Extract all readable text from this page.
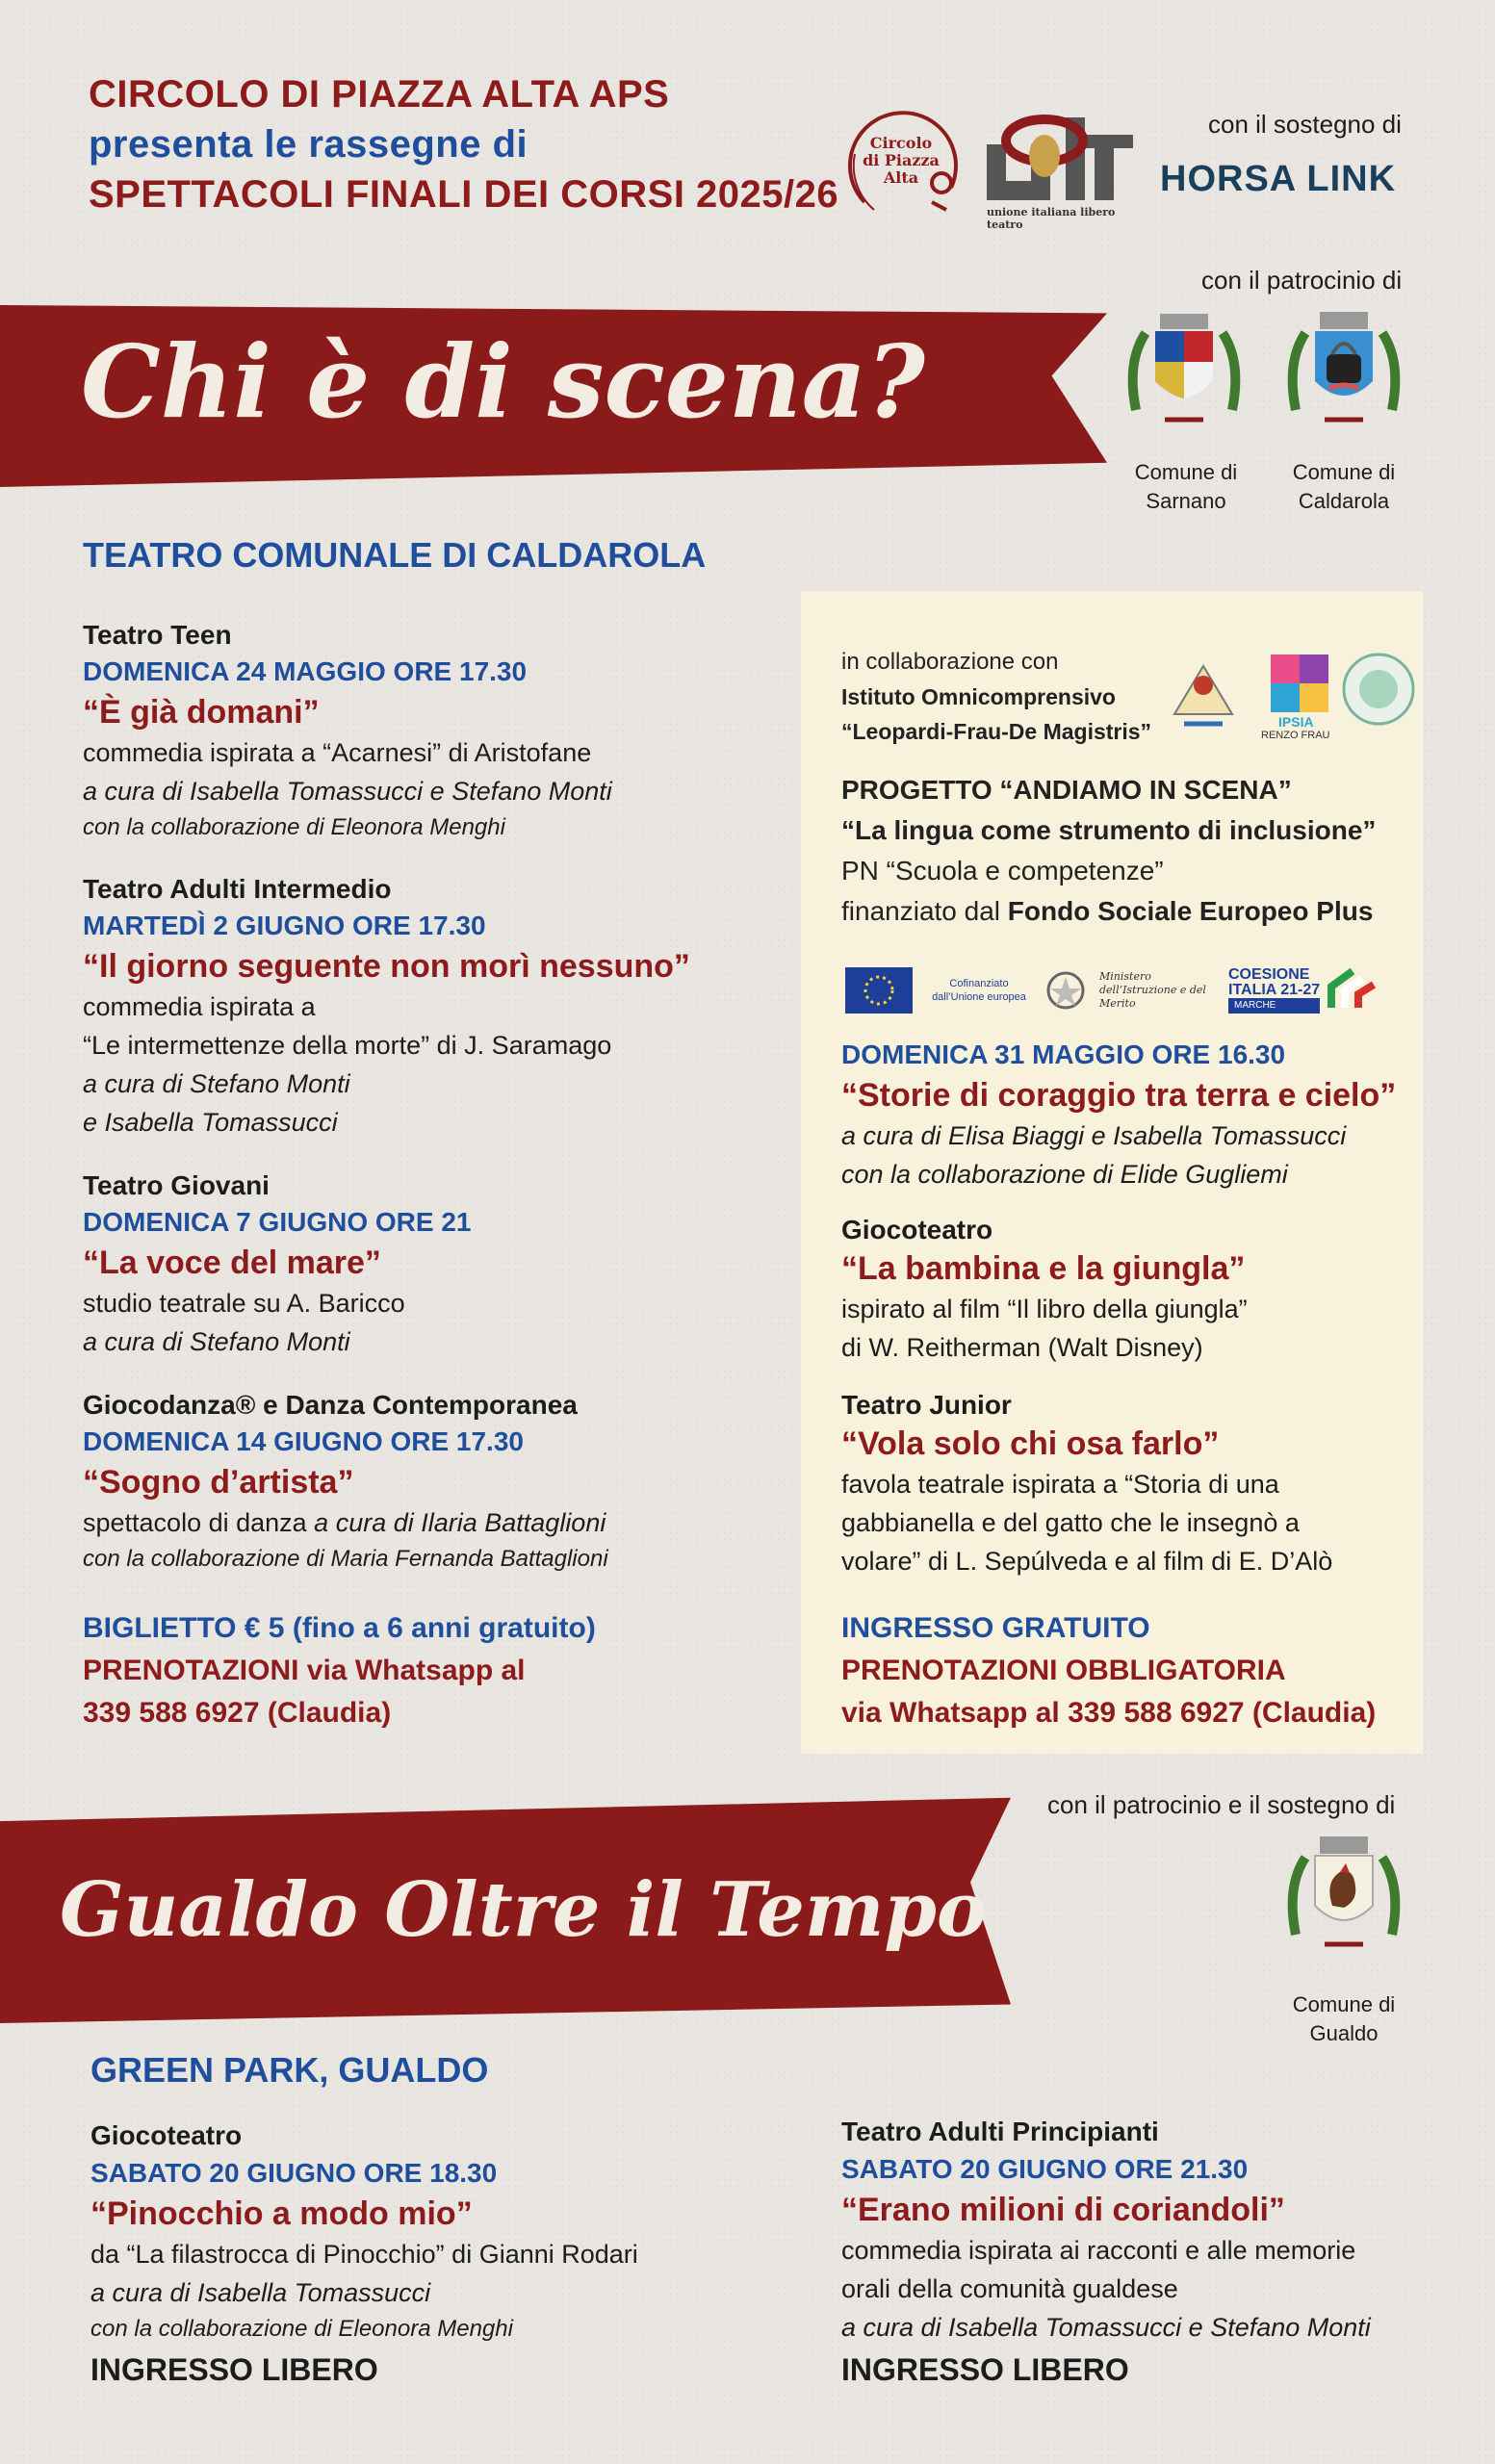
CIRCOLO DI PIAZZA ALTA APS
presenta le rassegne di
SPETTACOLI FINALI DEI CORSI 2025/26
Circolo di Piazza Alta
unione italiana libero teatro
con il sostegno di
HORSA LINK
con il patrocinio di
Comune di
Sarnano
Comune di
Caldarola
Chi è di scena?
TEATRO COMUNALE DI CALDAROLA
Teatro Teen
DOMENICA 24 MAGGIO ORE 17.30
“È già domani”
commedia ispirata a “Acarnesi” di Aristofane
a cura di Isabella Tomassucci e Stefano Monti
con la collaborazione di Eleonora Menghi
Teatro Adulti Intermedio
MARTEDÌ 2 GIUGNO ORE 17.30
“Il giorno seguente non morì nessuno”
commedia ispirata a
“Le intermettenze della morte” di J. Saramago
a cura di Stefano Monti
e Isabella Tomassucci
Teatro Giovani
DOMENICA 7 GIUGNO ORE 21
“La voce del mare”
studio teatrale su A. Baricco
a cura di Stefano Monti
Giocodanza® e Danza Contemporanea
DOMENICA 14 GIUGNO ORE 17.30
“Sogno d’artista”
spettacolo di danza a cura di Ilaria Battaglioni
con la collaborazione di Maria Fernanda Battaglioni
BIGLIETTO € 5 (fino a 6 anni gratuito)
PRENOTAZIONI via Whatsapp al
339 588 6927 (Claudia)
in collaborazione con
Istituto Omnicomprensivo
“Leopardi-Frau-De Magistris”	IPSIA
RENZO FRAU
PROGETTO “ANDIAMO IN SCENA”
“La lingua come strumento di inclusione”
PN “Scuola e competenze”
finanziato dal Fondo Sociale Europeo Plus
Cofinanziato dall’Unione europea
Ministero dell’Istruzione e del Merito
COESIONE
ITALIA 21-27
MARCHE
DOMENICA 31 MAGGIO ORE 16.30
“Storie di coraggio tra terra e cielo”
a cura di Elisa Biaggi e Isabella Tomassucci
con la collaborazione di Elide Gugliemi
Giocoteatro
“La bambina e la giungla”
ispirato al film “Il libro della giungla”
di W. Reitherman (Walt Disney)
Teatro Junior
“Vola solo chi osa farlo”
favola teatrale ispirata a “Storia di una
gabbianella e del gatto che le insegnò a
volare” di L. Sepúlveda e al film di E. D’Alò
INGRESSO GRATUITO
PRENOTAZIONI OBBLIGATORIA
via Whatsapp al 339 588 6927 (Claudia)
con il patrocinio e il sostegno di
Comune di
Gualdo
Gualdo Oltre il Tempo
GREEN PARK, GUALDO
Giocoteatro
SABATO 20 GIUGNO ORE 18.30
“Pinocchio a modo mio”
da “La filastrocca di Pinocchio” di Gianni Rodari
a cura di Isabella Tomassucci
con la collaborazione di Eleonora Menghi
INGRESSO LIBERO
Teatro Adulti Principianti
SABATO 20 GIUGNO ORE 21.30
“Erano milioni di coriandoli”
commedia ispirata ai racconti e alle memorie
orali della comunità gualdese
a cura di Isabella Tomassucci e Stefano Monti
INGRESSO LIBERO
